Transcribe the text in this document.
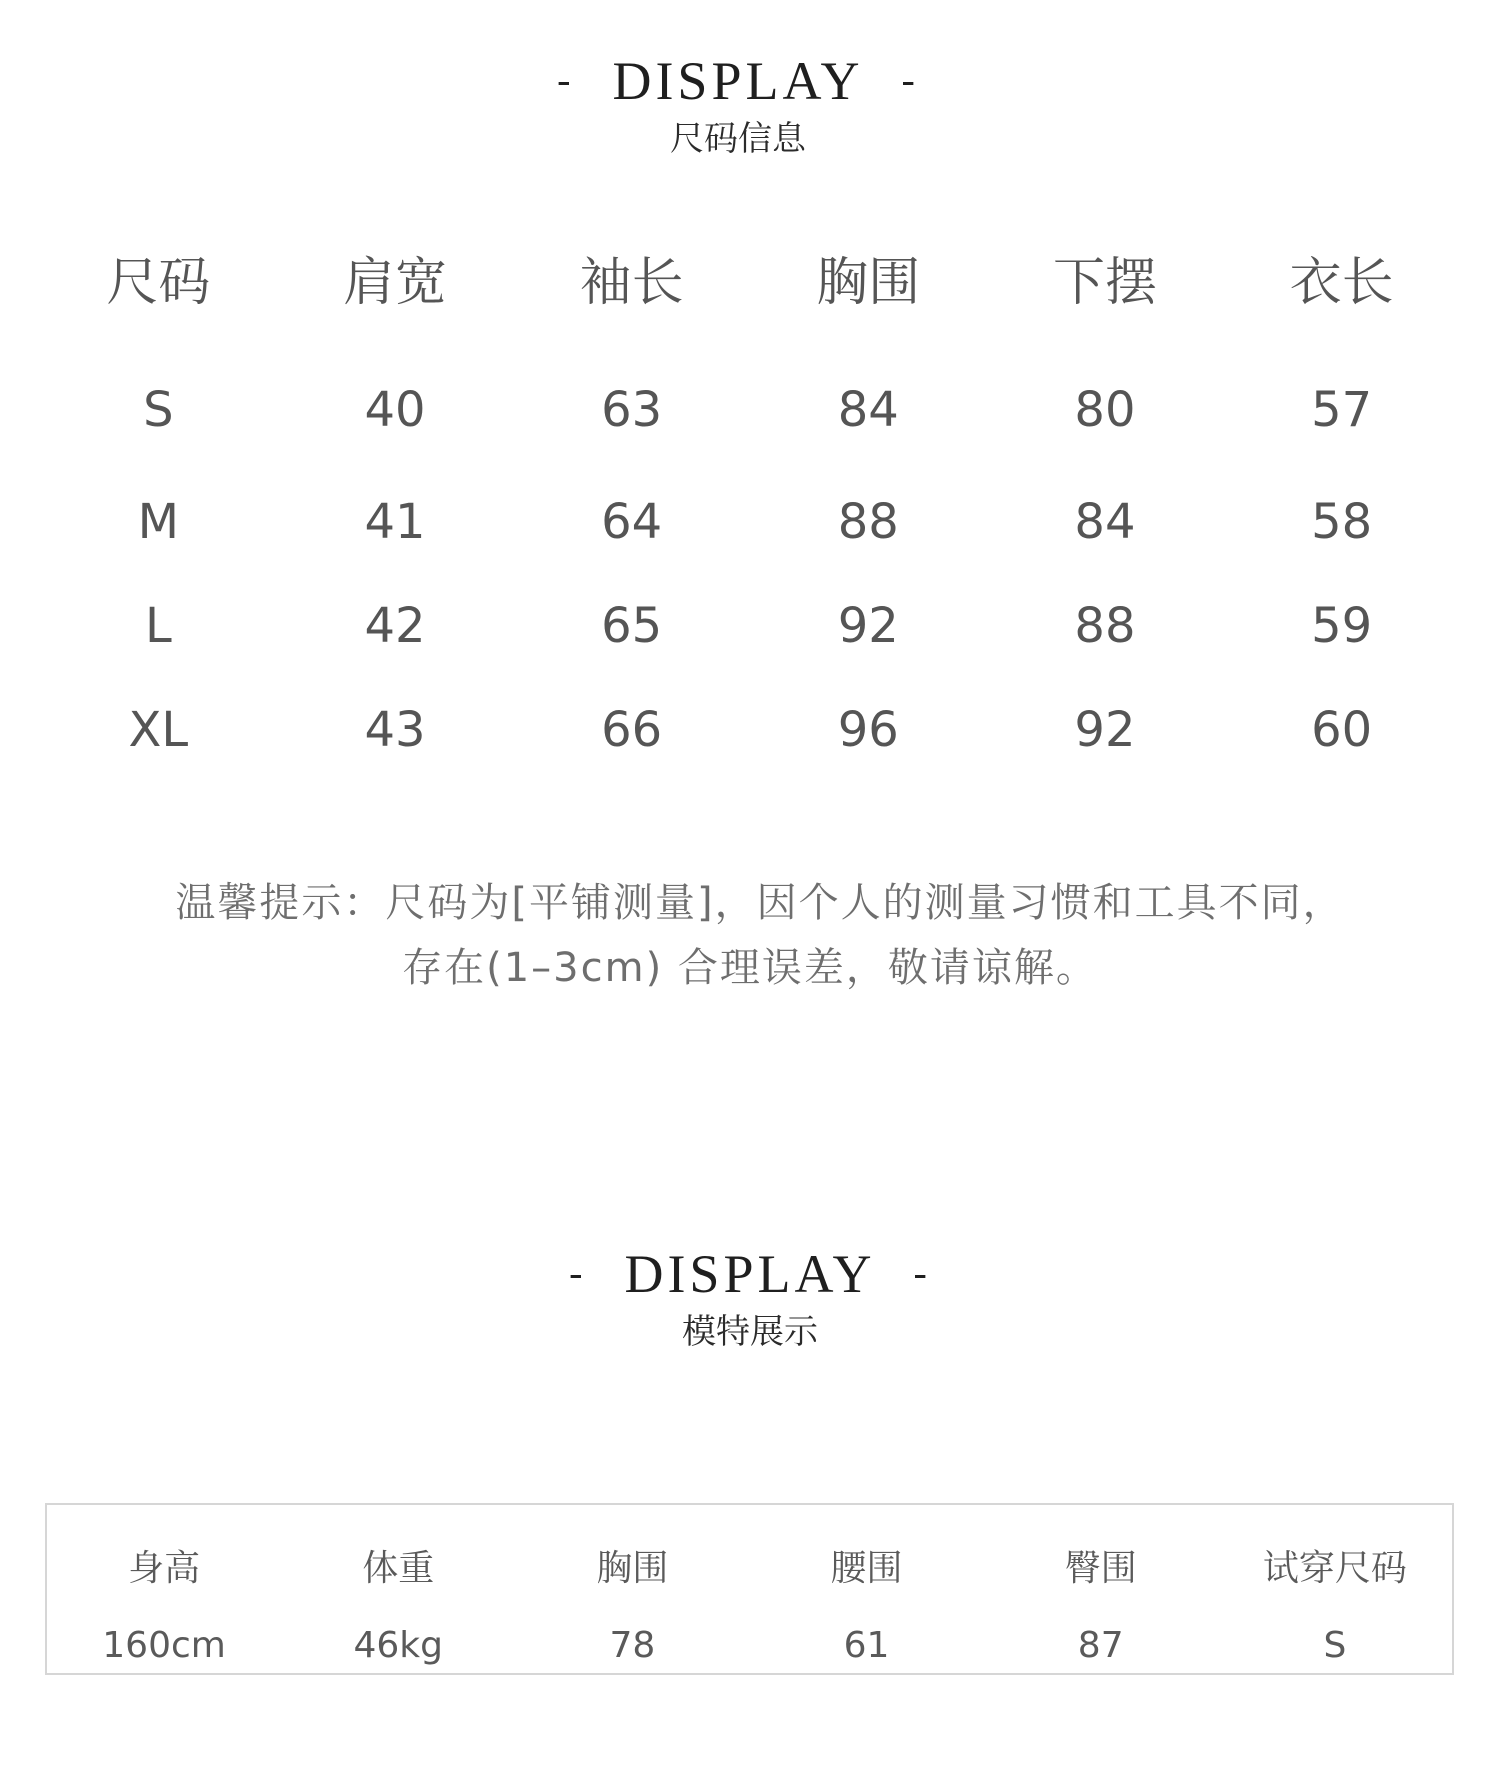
- DISPLAY -
尺码信息
尺码	肩宽	袖长	胸围	下摆	衣长
S	40	63	84	80	57
M	41	64	88	84	58
L	42	65	92	88	59
XL	43	66	96	92	60
温馨提示：尺码为[平铺测量]，因个人的测量习惯和工具不同，
存在(1–3cm) 合理误差，敬请谅解。
- DISPLAY -
模特展示
身高	体重	胸围	腰围	臀围	试穿尺码
160cm	46kg	78	61	87	S
